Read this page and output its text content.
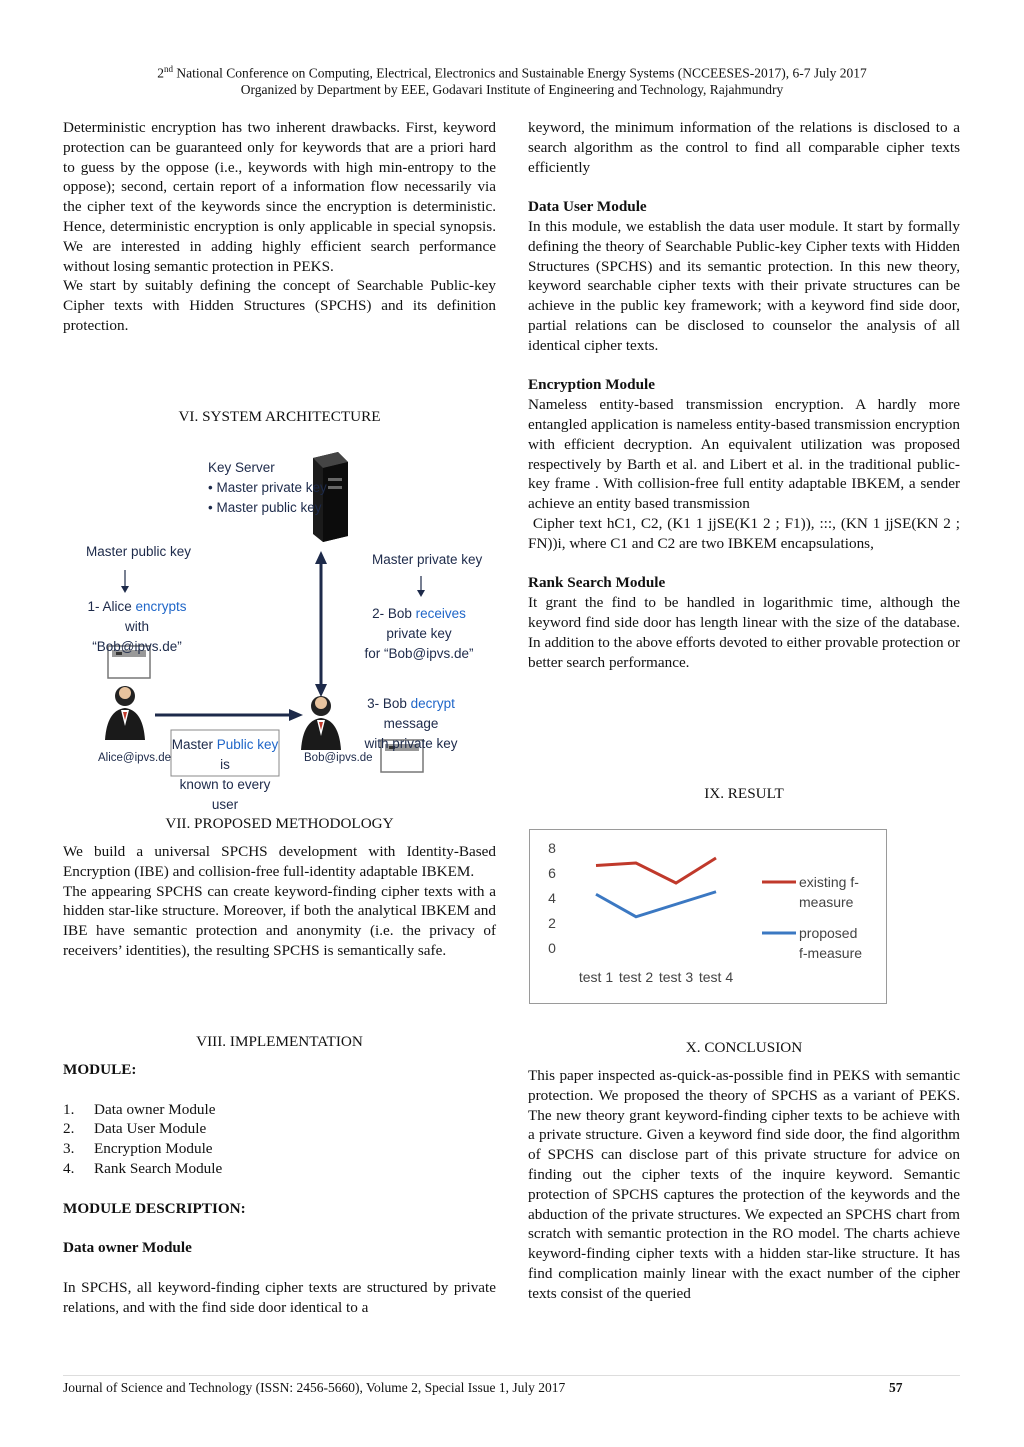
2nd National Conference on Computing, Electrical, Electronics and Sustainable Energy Systems (NCCEESES-2017), 6-7 July 2017
Organized by Department by EEE, Godavari Institute of Engineering and Technology, Rajahmundry

Deterministic encryption has two inherent drawbacks. First, keyword protection can be guaranteed only for keywords that are a priori hard to guess by the oppose (i.e., keywords with high min-entropy to the oppose); second, certain report of a information flow necessarily via the cipher text of the keywords since the encryption is deterministic. Hence, deterministic encryption is only applicable in special synopsis. We are interested in adding highly efficient search performance without losing semantic protection in PEKS.

We start by suitably defining the concept of Searchable Public-key Cipher texts with Hidden Structures (SPCHS) and its definition protection.

VI. SYSTEM ARCHITECTURE
Key Server
• Master private key
• Master public key
Master public key
1- Alice encrypts with
“Bob@ipvs.de”
Master private key
2- Bob receives private key
for “Bob@ipvs.de”
3- Bob decrypt message
with private key
Master Public key is
known to every user
Alice@ipvs.de	Bob@ipvs.de
VII. PROPOSED METHODOLOGY

We build a universal SPCHS development with Identity-Based Encryption (IBE) and collision-free full-identity adaptable IBKEM.

The appearing SPCHS can create keyword-finding cipher texts with a hidden star-like structure. Moreover, if both the analytical IBKEM and IBE have semantic protection and anonymity (i.e. the privacy of receivers’ identities), the resulting SPCHS is semantically safe.

VIII. IMPLEMENTATION

MODULE:

1.	Data owner Module
2.	Data User Module
3.	Encryption Module
4.	Rank Search Module

MODULE DESCRIPTION:

Data owner Module

In SPCHS, all keyword-finding cipher texts are structured by private relations, and with the find side door identical to a

keyword, the minimum information of the relations is disclosed to a search algorithm as the control to find all comparable cipher texts efficiently

Data User Module

In this module, we establish the data user module. It start by formally defining the theory of Searchable Public-key Cipher texts with Hidden Structures (SPCHS) and its semantic protection. In this new theory, keyword searchable cipher texts with their private structures can be achieve in the public key framework; with a keyword find side door, partial relations can be disclosed to counselor the analysis of all identical cipher texts.

Encryption Module

Nameless entity-based transmission encryption. A hardly more entangled application is nameless entity-based transmission encryption with efficient decryption. An equivalent utilization was proposed respectively by Barth et al. and Libert et al. in the traditional public-key frame . With collision-free full entity adaptable IBKEM, a sender achieve an entity based transmission

Cipher text hC1, C2, (K1 1 jjSE(K1 2 ; F1)), :::, (KN 1 jjSE(KN 2 ; FN))i, where C1 and C2 are two IBKEM encapsulations,

Rank Search Module

It grant the find to be handled in logarithmic time, although the keyword find side door has length linear with the size of the database. In addition to the above efforts devoted to either provable protection or better search performance.

IX. RESULT
0
2
4
6
8
test 1 test 2 test 3 test 4
existing f-
measure
proposed
f-measure
X. CONCLUSION

This paper inspected as-quick-as-possible find in PEKS with semantic protection. We proposed the theory of SPCHS as a variant of PEKS. The new theory grant keyword-finding cipher texts to be achieve with a private structure. Given a keyword find side door, the find algorithm of SPCHS can disclose part of this private structure for advice on finding out the cipher texts of the inquire keyword. Semantic protection of SPCHS captures the protection of the keywords and the abduction of the private structures. We expected an SPCHS chart from scratch with semantic protection in the RO model. The charts achieve keyword-finding cipher texts with a hidden star-like structure. It has find complication mainly linear with the exact number of the cipher texts consist of the queried

Journal of Science and Technology (ISSN: 2456-5660), Volume 2, Special Issue 1, July 2017	57
